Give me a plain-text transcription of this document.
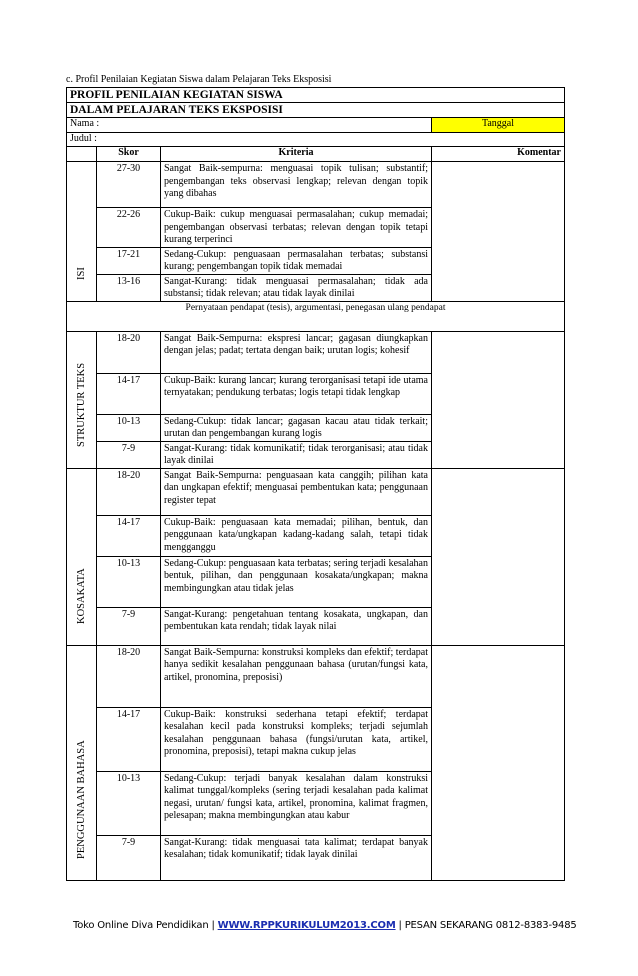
c. Profil Penilaian Kegiatan Siswa dalam Pelajaran Teks Eksposisi
PROFIL PENILAIAN KEGIATAN SISWA			
DALAM PELAJARAN TEKS EKSPOSISI			
Nama :			Tanggal
Judul :			
	Skor	Kriteria	Komentar

ISI	27-30	Sangat Baik-sempurna: menguasai topik tulisan; substantif; pengembangan teks observasi lengkap; relevan dengan topik yang dibahas	

	22-26	Cukup-Baik: cukup menguasai permasalahan; cukup memadai; pengembangan observasi terbatas; relevan dengan topik tetapi kurang terperinci	

	17-21	Sedang-Cukup: penguasaan permasalahan terbatas; substansi kurang; pengembangan topik tidak memadai	

	13-16	Sangat-Kurang: tidak menguasai permasalahan; tidak ada substansi; tidak relevan; atau tidak layak dinilai	

Pernyataan pendapat (tesis), argumentasi, penegasan ulang pendapat			

STRUKTUR TEKS	18-20	Sangat Baik-Sempurna: ekspresi lancar; gagasan diungkapkan dengan jelas; padat; tertata dengan baik; urutan logis; kohesif	

	14-17	Cukup-Baik: kurang lancar; kurang terorganisasi tetapi ide utama ternyatakan; pendukung terbatas; logis tetapi tidak lengkap	

	10-13	Sedang-Cukup: tidak lancar; gagasan kacau atau tidak terkait; urutan dan pengembangan kurang logis	

	7-9	Sangat-Kurang: tidak komunikatif; tidak terorganisasi; atau tidak layak dinilai	

KOSAKATA	18-20	Sangat Baik-Sempurna: penguasaan kata canggih; pilihan kata dan ungkapan efektif; menguasai pembentukan kata; penggunaan register tepat	

	14-17	Cukup-Baik: penguasaan kata memadai; pilihan, bentuk, dan penggunaan kata/ungkapan kadang-kadang salah, tetapi tidak mengganggu	

	10-13	Sedang-Cukup: penguasaan kata terbatas; sering terjadi kesalahan bentuk, pilihan, dan penggunaan kosakata/ungkapan; makna membingungkan atau tidak jelas	

	7-9	Sangat-Kurang: pengetahuan tentang kosakata, ungkapan, dan pembentukan kata rendah; tidak layak nilai	

PENGGUNAAN BAHASA	18-20	Sangat Baik-Sempurna: konstruksi kompleks dan efektif; terdapat hanya sedikit kesalahan penggunaan bahasa (urutan/fungsi kata, artikel, pronomina, preposisi)	

	14-17	Cukup-Baik: konstruksi sederhana tetapi efektif; terdapat kesalahan kecil pada konstruksi kompleks; terjadi sejumlah kesalahan penggunaan bahasa (fungsi/urutan kata, artikel, pronomina, preposisi), tetapi makna cukup jelas	

	10-13	Sedang-Cukup: terjadi banyak kesalahan dalam konstruksi kalimat tunggal/kompleks (sering terjadi kesalahan pada kalimat negasi, urutan/ fungsi kata, artikel, pronomina, kalimat fragmen, pelesapan; makna membingungkan atau kabur	

	7-9	Sangat-Kurang: tidak menguasai tata kalimat; terdapat banyak kesalahan; tidak komunikatif; tidak layak dinilai	

Toko Online Diva Pendidikan | WWW.RPPKURIKULUM2013.COM | PESAN SEKARANG 0812-8383-9485
